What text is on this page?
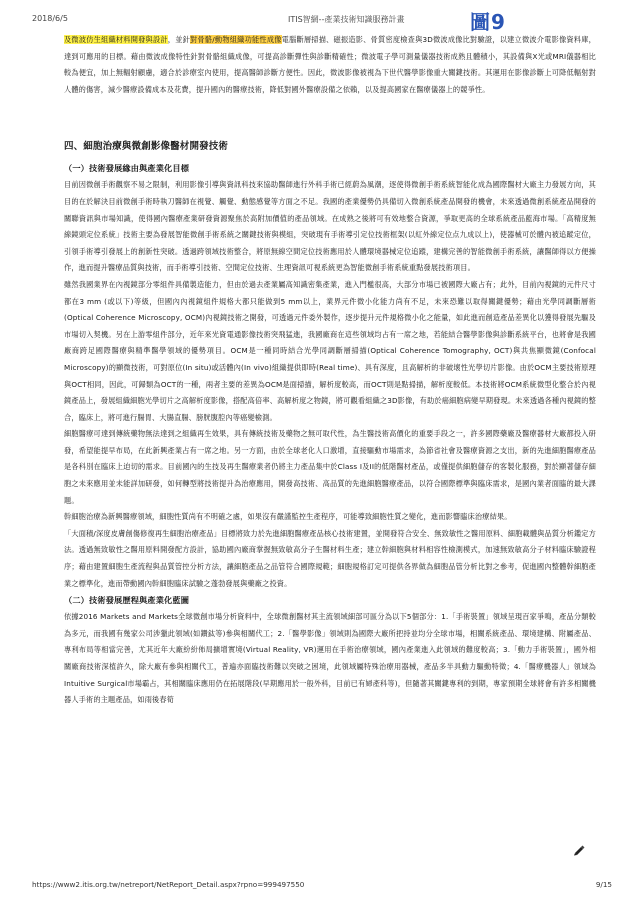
2018/6/5	ITIS智網--產業技術知識服務計畫	圖9

及微波仿生組織材料開發與設計，並針對骨骼/動物組織功能性成像電腦斷層掃描、磁振造影、骨質密度檢查與3D微波成像比對驗證，以建立微波介電影像資料庫，達到可應用的目標。藉由微波成像特性針對骨骼組織成像，可提高診斷彈性與診斷精確性；微波電子學可測量儀器技術成熟且體積小，其設備與X光或MRI儀器相比較為便宜，加上無輻射顧慮，適合於診療室內使用，提高醫師診斷方便性。因此，微波影像被視為下世代醫學影像重大關鍵技術。其運用在影像診斷上可降低輻射對人體的傷害，減少醫療設備成本及花費，提升國內的醫療技術，降低對國外醫療設備之依賴，以及提高國家在醫療儀器上的競爭性。

四、細胞治療與微創影像醫材開發技術
（一）技術發展緣由與產業化目標

目前因微創手術觀察不易之限制，利用影像引導與資訊科技來協助醫師進行外科手術已經蔚為風潮，逐使得微創手術系統智能化成為國際醫材大廠主力發展方向，其目的在於解決目前微創手術時執刀醫師在視覺、觸覺、動態感覺等方面之不足。我國的產業優勢仍具備切入微創系統產品開發的機會，未來透過微創系統產品開發的關聯資訊與市場知識，使得國內醫療產業研發資源聚焦於高附加價值的產品領域。在成熟之後將可有效地整合資源，爭取更高的全球系統產品藍海市場。「高精度無線鏡頭定位系統」技術主要為發展智能微創手術系統之關鍵技術與模組，突破現有手術導引定位技術框架(以紅外線定位点九成以上)，使器械可於體內被追蹤定位，引領手術導引發展上的創新性突破。透過跨領域技術整合，將原無線空間定位技術應用於人體環境器械定位追蹤，建構完善的智能微創手術系統，讓醫師得以方便操作，進而提升醫療品質與技術，而手術導引技術、空間定位技術、生理資訊可視系統更為智能微創手術系統重點發展技術項目。

雖然我國業界在內視鏡部分零組件具備製造能力，但由於過去產業屬高知識密集產業，進入門檻很高，大部分市場已被國際大廠占有；此外，目前內視鏡的元件尺寸都在3 mm (或以下)等級，但國內內視鏡組件規格大都只能做到5 mm以上，業界元件微小化能力尚有不足，未來恐難以取得關鍵優勢；藉由光學同調斷層術(Optical Coherence Microscopy, OCM)內視鏡技術之開發，可透過元件委外製作，逐步提升元件規格微小化之能量，如此進而創造產品差異化以獲得發展先驅及市場切入契機。另在上游零組件部分，近年來光資電通影像技術突飛猛進，我國廠商在這些領域均占有一席之地，若能結合醫學影像與診斷系統平台，也將會是我國廠商跨足國際醫療與精準醫學領域的優勢項目。OCM是一種同時結合光學同調斷層掃描(Optical Coherence Tomography, OCT)與共焦顯微鏡(Confocal Microscopy)的顯微技術，可對原位(In situ)或活體內(In vivo)組織提供即時(Real time)、具有深度，且高解析的非破壞性光學切片影像。由於OCM主要技術原理與OCT相同，因此，可歸類為OCT的一種，兩者主要的差異為OCM是面掃描，解析度較高，而OCT則是點掃描，解析度較低。本技術將OCM系統微型化整合於內視鏡產品上，發展組織細胞光學切片之高解析度影像，搭配高倍率、高解析度之物鏡，將可觀看組織之3D影像，有助於癌細胞病變早期發現。未來透過各種內視鏡的整合，臨床上，將可進行腸胃、大腸直腸、膀胱腹腔內等癌變檢測。

細胞醫療可達到傳統藥物無法達到之組織再生效果，具有傳統技術及藥物之無可取代性，為生醫技術高價化的重要手段之一，許多國際藥廠及醫療器材大廠都投入研發，希望能提早布局，在此新興產業占有一席之地。另一方面，由於全球老化人口激增，直接驅動市場需求，為節省社會及醫療資源之支出，新的先進細胞醫療產品是各科別在臨床上迫切的需求。目前國內的生技及再生醫療業者仍將主力產品集中於Class I及II的低階醫材產品，或僅提供細胞儲存的客製化服務，對於顯著儲存細胞之未來應用並未能詳加研發，如何轉型將技術提升為治療應用，開發高技術、高品質的先進細胞醫療產品，以符合國際標準與臨床需求，是國內業者面臨的最大課題。

幹細胞治療為新興醫療領域，細胞性質尚有不明確之處，如果沒有嚴謹監控生產程序，可能導致細胞性質之變化，進而影響臨床治療結果。

「大面積/深度皮膚創傷修復再生細胞治療產品」目標將致力於先進細胞醫療產品核心技術建置，並開發符合安全、無致敏性之醫用原料、細胞載體與品質分析鑑定方法。透過無致敏性之醫用原料開發配方設計，協助國內廠商掌握無致敏高分子生醫材料生產；建立幹細胞與材料相容性檢測模式，加速無致敏高分子材料臨床驗證程序；藉由建置細胞生產流程與品質管控分析方法，讓細胞產品之品管符合國際規範；細胞規格訂定可提供各界做為細胞品管分析比對之參考，促進國內整體幹細胞產業之標準化，進而帶動國內幹細胞臨床試驗之蓬勃發展與藥廠之投資。

（二）技術發展歷程與產業化藍圖

依據2016 Markets and Markets全球微創市場分析資料中，全球微創醫材其主流領域細部可區分為以下5個部分：1.「手術裝置」領域呈現百家爭鳴，產品分類較為多元，而我國有幾家公司涉獵此領域(如鑽鈦等)參與相關代工；2.「醫學影像」領域則為國際大廠所把持並均分全球市場，相關系統產品、環境建構、附屬產品、專利布局等相當完善，尤其近年大廠紛紛佈局擴增實境(Virtual Reality, VR)運用在手術治療領域，國內產業進入此領域的難度較高；3.「動力手術裝置」，國外相關廠商技術深植許久，除大廠有參與相關代工，普遍亦面臨技術難以突破之困境，此領域屬特殊治療用器械，產品多半具動力驅動特徵；4.「醫療機器人」領域為Intuitive Surgical市場霸占，其相關臨床應用仍在拓展階段(早期應用於一般外科，目前已有婦產科等)，但隨著其關鍵專利的到期，專家預期全球將會有許多相關機器人手術的主題產品，如雨後春筍

https://www2.itis.org.tw/netreport/NetReport_Detail.aspx?rpno=999497550	9/15
